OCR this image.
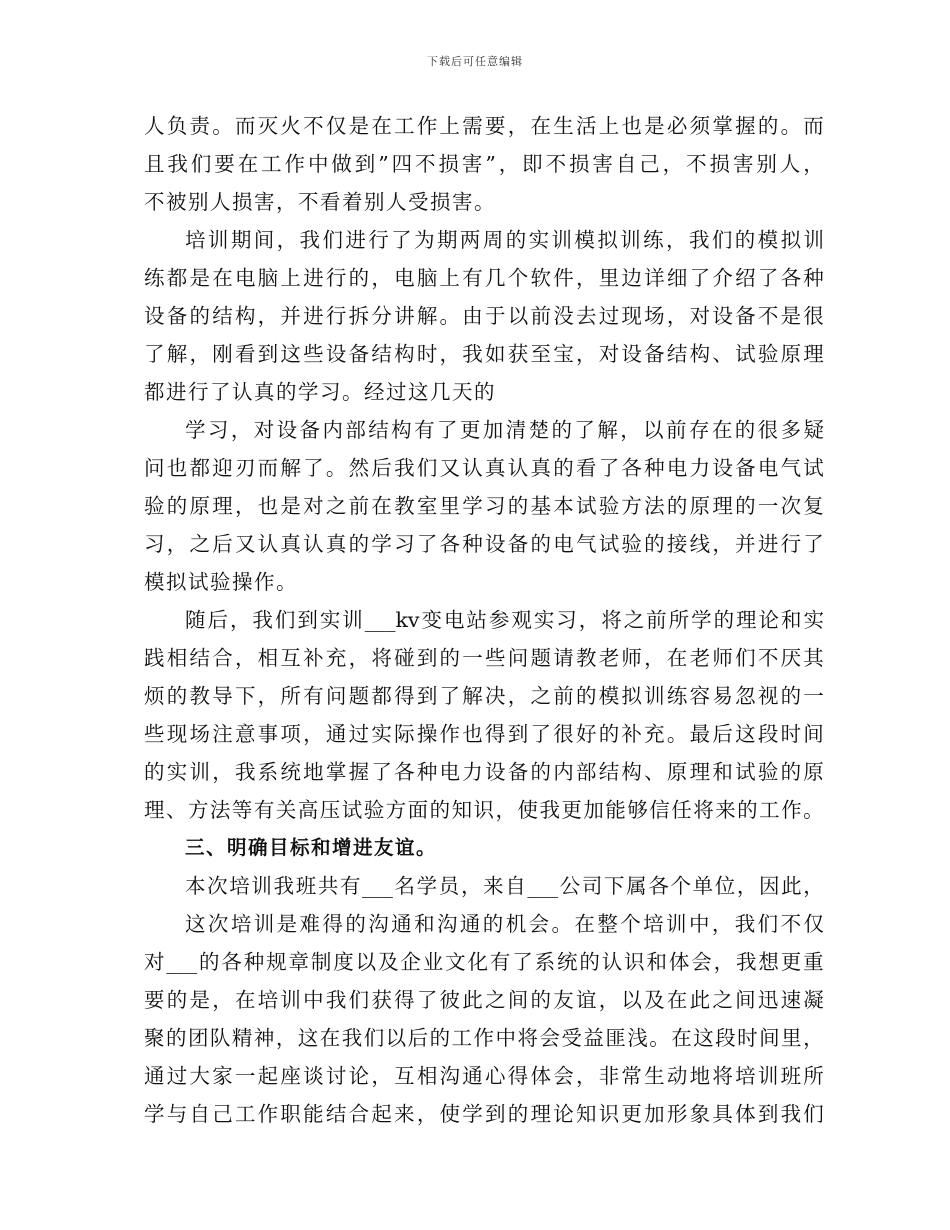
下载后可任意编辑
人 负 责 。 而 灭 火 不 仅 是 在 工 作 上 需 要 ， 在 生 活 上 也 是 必 须 掌 握 的 。 而
且 我 们 要 在 工 作 中 做 到 ” 四 不 损 害 ” ， 即 不 损 害 自 己 ， 不 损 害 别 人 ，
不被别人损害，不看着别人受损害。
培 训 期 间 ， 我 们 进 行 了 为 期 两 周 的 实 训 模 拟 训 练 ， 我 们 的 模 拟 训
练 都 是 在 电 脑 上 进 行 的 ， 电 脑 上 有 几 个 软 件 ， 里 边 详 细 了 介 绍 了 各 种
设 备 的 结 构 ， 并 进 行 拆 分 讲 解 。 由 于 以 前 没 去 过 现 场 ， 对 设 备 不 是 很
了 解 ， 刚 看 到 这 些 设 备 结 构 时 ， 我 如 获 至 宝 ， 对 设 备 结 构 、 试 验 原 理
都进行了认真的学习。经过这几天的
学 习 ， 对 设 备 内 部 结 构 有 了 更 加 清 楚 的 了 解 ， 以 前 存 在 的 很 多 疑
问 也 都 迎 刃 而 解 了 。 然 后 我 们 又 认 真 认 真 的 看 了 各 种 电 力 设 备 电 气 试
验 的 原 理 ， 也 是 对 之 前 在 教 室 里 学 习 的 基 本 试 验 方 法 的 原 理 的 一 次 复
习 ， 之 后 又 认 真 认 真 的 学 习 了 各 种 设 备 的 电 气 试 验 的 接 线 ， 并 进 行 了
模拟试验操作。
随 后 ， 我 们 到 实 训 ___kv 变 电 站 参 观 实 习 ， 将 之 前 所 学 的 理 论 和 实
践 相 结 合 ， 相 互 补 充 ， 将 碰 到 的 一 些 问 题 请 教 老 师 ， 在 老 师 们 不 厌 其
烦 的 教 导 下 ， 所 有 问 题 都 得 到 了 解 决 ， 之 前 的 模 拟 训 练 容 易 忽 视 的 一
些 现 场 注 意 事 项 ， 通 过 实 际 操 作 也 得 到 了 很 好 的 补 充 。 最 后 这 段 时 间
的 实 训 ， 我 系 统 地 掌 握 了 各 种 电 力 设 备 的 内 部 结 构 、 原 理 和 试 验 的 原
理 、 方 法 等 有 关 高 压 试 验 方 面 的 知 识 ， 使 我 更 加 能 够 信 任 将 来 的 工 作 。
三、明确目标和增进友谊。
本 次 培 训 我 班 共 有 ___ 名 学 员 ， 来 自 ___ 公 司 下 属 各 个 单 位 ， 因 此 ，
这 次 培 训 是 难 得 的 沟 通 和 沟 通 的 机 会 。 在 整 个 培 训 中 ， 我 们 不 仅
对 ___ 的 各 种 规 章 制 度 以 及 企 业 文 化 有 了 系 统 的 认 识 和 体 会 ， 我 想 更 重
要 的 是 ， 在 培 训 中 我 们 获 得 了 彼 此 之 间 的 友 谊 ， 以 及 在 此 之 间 迅 速 凝
聚 的 团 队 精 神 ， 这 在 我 们 以 后 的 工 作 中 将 会 受 益 匪 浅 。 在 这 段 时 间 里 ，
通 过 大 家 一 起 座 谈 讨 论 ， 互 相 沟 通 心 得 体 会 ， 非 常 生 动 地 将 培 训 班 所
学 与 自 己 工 作 职 能 结 合 起 来 ， 使 学 到 的 理 论 知 识 更 加 形 象 具 体 到 我 们
